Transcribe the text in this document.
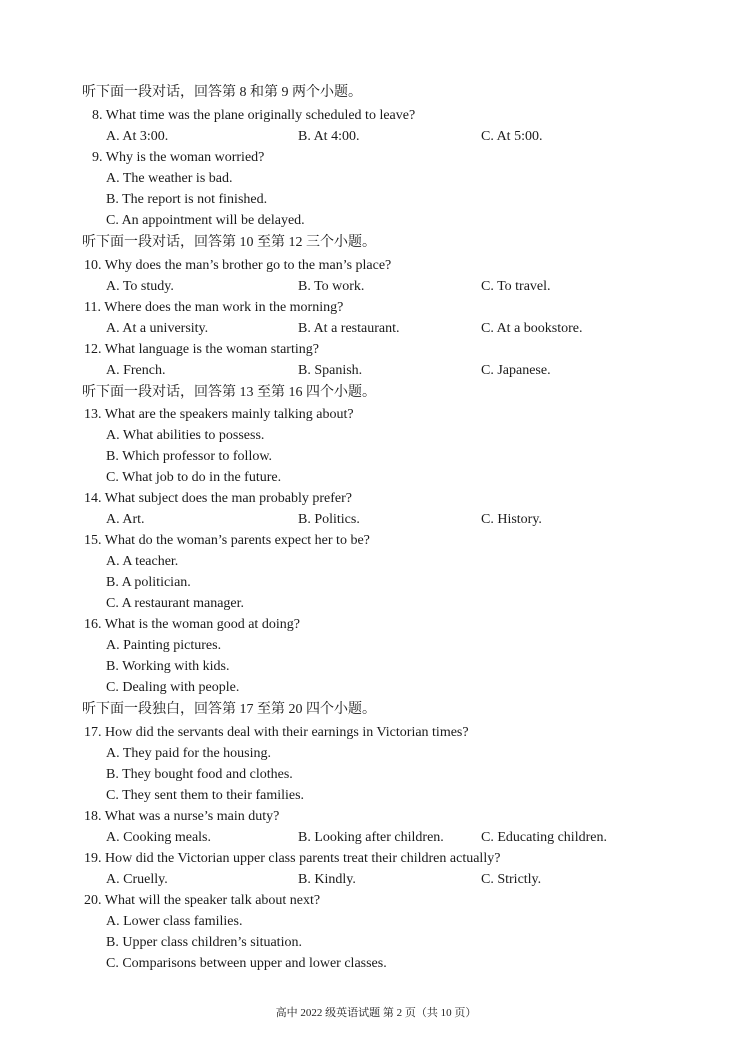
听下面一段对话，回答第 8 和第 9 两个小题。
8. What time was the plane originally scheduled to leave?
A. At 3:00.	B. At 4:00.	C. At 5:00.
9. Why is the woman worried?
A. The weather is bad.
B. The report is not finished.
C. An appointment will be delayed.
听下面一段对话，回答第 10 至第 12 三个小题。
10. Why does the man’s brother go to the man’s place?
A. To study.	B. To work.	C. To travel.
11. Where does the man work in the morning?
A. At a university.	B. At a restaurant.	C. At a bookstore.
12. What language is the woman starting?
A. French.	B. Spanish.	C. Japanese.
听下面一段对话，回答第 13 至第 16 四个小题。
13. What are the speakers mainly talking about?
A. What abilities to possess.
B. Which professor to follow.
C. What job to do in the future.
14. What subject does the man probably prefer?
A. Art.	B. Politics.	C. History.
15. What do the woman’s parents expect her to be?
A. A teacher.
B. A politician.
C. A restaurant manager.
16. What is the woman good at doing?
A. Painting pictures.
B. Working with kids.
C. Dealing with people.
听下面一段独白，回答第 17 至第 20 四个小题。
17. How did the servants deal with their earnings in Victorian times?
A. They paid for the housing.
B. They bought food and clothes.
C. They sent them to their families.
18. What was a nurse’s main duty?
A. Cooking meals.	B. Looking after children.	C. Educating children.
19. How did the Victorian upper class parents treat their children actually?
A. Cruelly.	B. Kindly.	C. Strictly.
20. What will the speaker talk about next?
A. Lower class families.
B. Upper class children’s situation.
C. Comparisons between upper and lower classes.
高中 2022 级英语试题 第 2 页（共 10 页）
